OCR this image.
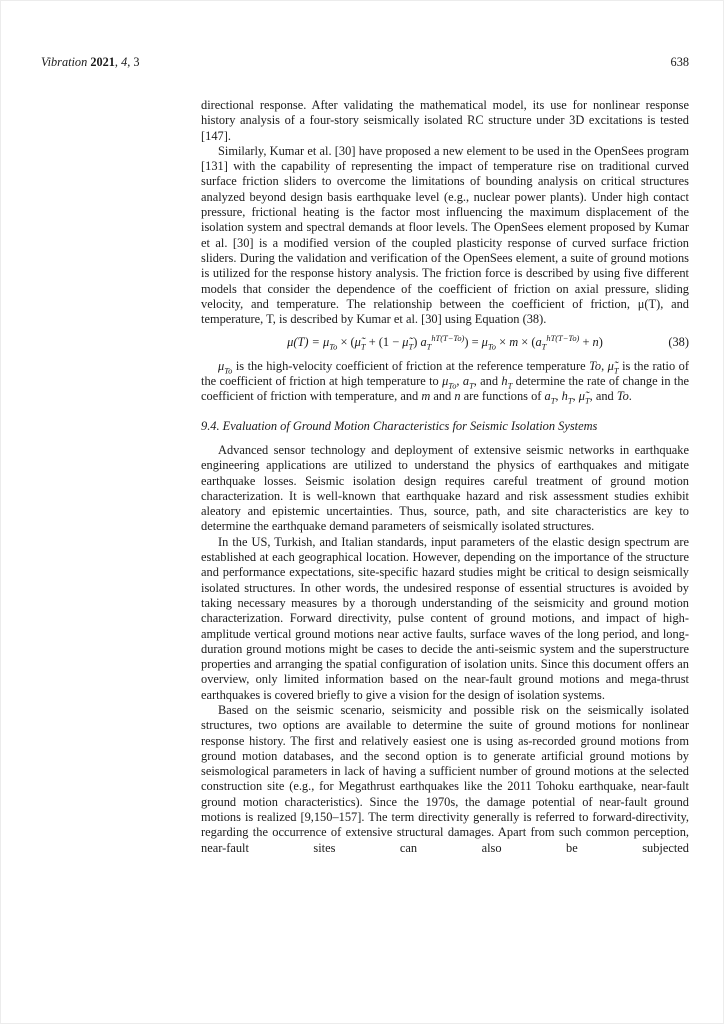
Vibration 2021, 4, 3	638

directional response. After validating the mathematical model, its use for nonlinear response history analysis of a four-story seismically isolated RC structure under 3D excitations is tested [147].

Similarly, Kumar et al. [30] have proposed a new element to be used in the OpenSees program [131] with the capability of representing the impact of temperature rise on traditional curved surface friction sliders to overcome the limitations of bounding analysis on critical structures analyzed beyond design basis earthquake level (e.g., nuclear power plants). Under high contact pressure, frictional heating is the factor most influencing the maximum displacement of the isolation system and spectral demands at floor levels. The OpenSees element proposed by Kumar et al. [30] is a modified version of the coupled plasticity response of curved surface friction sliders. During the validation and verification of the OpenSees element, a suite of ground motions is utilized for the response history analysis. The friction force is described by using five different models that consider the dependence of the coefficient of friction on axial pressure, sliding velocity, and temperature. The relationship between the coefficient of friction, μ(T), and temperature, T, is described by Kumar et al. [30] using Equation (38).

$\mu(T) = \mu_{To}$ × ($\mũ_T + (1$ − $\mũ_T$) $a_T^{hT(T-To)}) = \mu_{To} \times m \times (a_T^{hT(T-To)} + n)$	(38)

$\mu_{To}$ is the high-velocity coefficient of friction at the reference temperature To, $\mũ_T$ is the ratio of the coefficient of friction at high temperature to $\mu_{To}$, $a_T$, and $h_T$ determine the rate of change in the coefficient of friction with temperature, and m and n are functions of $a_T$, $h_T$, $\mũ_T$, and To.

9.4. Evaluation of Ground Motion Characteristics for Seismic Isolation Systems

Advanced sensor technology and deployment of extensive seismic networks in earthquake engineering applications are utilized to understand the physics of earthquakes and mitigate earthquake losses. Seismic isolation design requires careful treatment of ground motion characterization. It is well-known that earthquake hazard and risk assessment studies exhibit aleatory and epistemic uncertainties. Thus, source, path, and site characteristics are key to determine the earthquake demand parameters of seismically isolated structures.

In the US, Turkish, and Italian standards, input parameters of the elastic design spectrum are established at each geographical location. However, depending on the importance of the structure and performance expectations, site-specific hazard studies might be critical to design seismically isolated structures. In other words, the undesired response of essential structures is avoided by taking necessary measures by a thorough understanding of the seismicity and ground motion characterization. Forward directivity, pulse content of ground motions, and impact of high-amplitude vertical ground motions near active faults, surface waves of the long period, and long-duration ground motions might be cases to decide the anti-seismic system and the superstructure properties and arranging the spatial configuration of isolation units. Since this document offers an overview, only limited information based on the near-fault ground motions and mega-thrust earthquakes is covered briefly to give a vision for the design of isolation systems.

Based on the seismic scenario, seismicity and possible risk on the seismically isolated structures, two options are available to determine the suite of ground motions for nonlinear response history. The first and relatively easiest one is using as-recorded ground motions from ground motion databases, and the second option is to generate artificial ground motions by seismological parameters in lack of having a sufficient number of ground motions at the selected construction site (e.g., for Megathrust earthquakes like the 2011 Tohoku earthquake, near-fault ground motion characteristics). Since the 1970s, the damage potential of near-fault ground motions is realized [9,150–157]. The term directivity generally is referred to forward-directivity, regarding the occurrence of extensive structural damages. Apart from such common perception, near-fault sites can also be subjected
